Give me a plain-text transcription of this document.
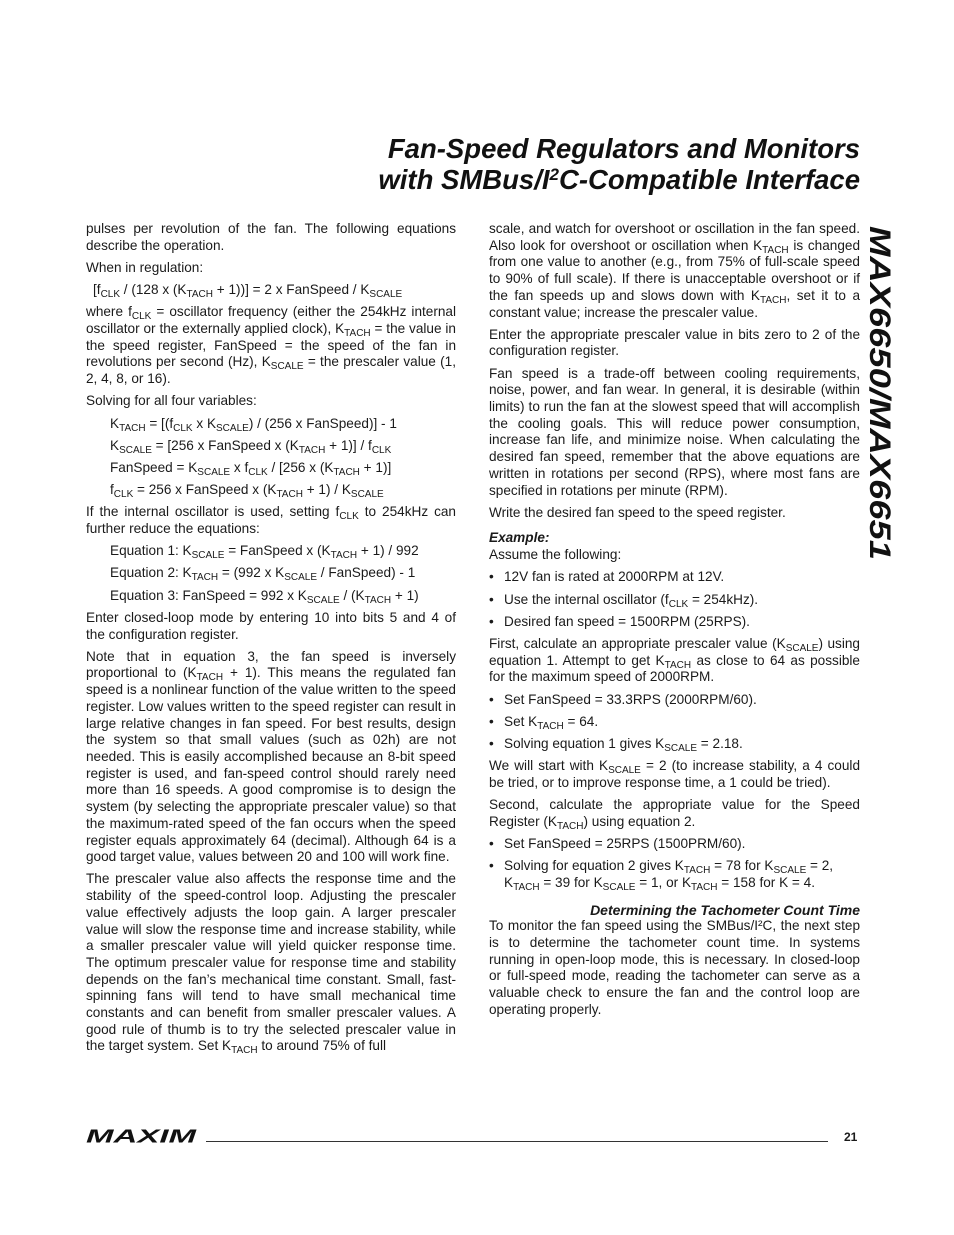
Fan-Speed Regulators and Monitors
with SMBus/$I^2C$-Compatible Interface
MAX6650/MAX6651

pulses per revolution of the fan. The following equations describe the operation.

When in regulation:

[$f_{CLK} / (128$ x $(K_{TACH} + 1))] = 2$ x FanSpeed / $K_{SCALE}$

where $f_{CLK}$ = oscillator frequency (either the 254kHz internal oscillator or the externally applied clock), $K_{TACH}$ = the value in the speed register, FanSpeed = the speed of the fan in revolutions per second (Hz), $K_{SCALE}$ = the prescaler value (1, 2, 4, 8, or 16).

Solving for all four variables:

$K_{TACH} = [(f_{CLK}$ x $K_{SCALE}) / (256$ x FanSpeed)] - 1

$K_{SCALE} = [256$ x FanSpeed x $(K_{TACH} + 1)] / f_{CLK}$

FanSpeed = $K_{SCALE}$ x $f_{CLK} / [256$ x $(K_{TACH} + 1)$]

$f_{CLK} = 256$ x FanSpeed x $(K_{TACH} + 1) / K_{SCALE}$

If the internal oscillator is used, setting $f_{CLK}$ to 254kHz can further reduce the equations:

Equation 1: $K_{SCALE}$ = FanSpeed x $(K_{TACH} + 1) / 992$

Equation 2: $K_{TACH} = (992$ x $K_{SCALE}$ / FanSpeed) - 1

Equation 3: FanSpeed = 992 x $K_{SCALE} / (K_{TACH} + 1)$

Enter closed-loop mode by entering 10 into bits 5 and 4 of the configuration register.

Note that in equation 3, the fan speed is inversely proportional to $(K_{TACH} + 1)$. This means the regulated fan speed is a nonlinear function of the value written to the speed register. Low values written to the speed register can result in large relative changes in fan speed. For best results, design the system so that small values (such as 02h) are not needed. This is easily accomplished because an 8-bit speed register is used, and fan-speed control should rarely need more than 16 speeds. A good compromise is to design the system (by selecting the appropriate prescaler value) so that the maximum-rated speed of the fan occurs when the speed register equals approximately 64 (decimal). Although 64 is a good target value, values between 20 and 100 will work fine.

The prescaler value also affects the response time and the stability of the speed-control loop. Adjusting the prescaler value effectively adjusts the loop gain. A larger prescaler value will slow the response time and increase stability, while a smaller prescaler value will yield quicker response time. The optimum prescaler value for response time and stability depends on the fan’s mechanical time constant. Small, fast-spinning fans will tend to have small mechanical time constants and can benefit from smaller prescaler values. A good rule of thumb is to try the selected prescaler value in the target system. Set $K_{TACH}$ to around 75% of full

scale, and watch for overshoot or oscillation in the fan speed. Also look for overshoot or oscillation when $K_{TACH}$ is changed from one value to another (e.g., from 75% of full-scale speed to 90% of full scale). If there is unacceptable overshoot or if the fan speeds up and slows down with $K_{TACH}$, set it to a constant value; increase the prescaler value.

Enter the appropriate prescaler value in bits zero to 2 of the configuration register.

Fan speed is a trade-off between cooling requirements, noise, power, and fan wear. In general, it is desirable (within limits) to run the fan at the slowest speed that will accomplish the cooling goals. This will reduce power consumption, increase fan life, and minimize noise. When calculating the desired fan speed, remember that the above equations are written in rotations per second (RPS), where most fans are specified in rotations per minute (RPM).

Write the desired fan speed to the speed register.

Example:

Assume the following:

• 12V fan is rated at 2000RPM at 12V.

• Use the internal oscillator $(f_{CLK} = 254kHz)$.

• Desired fan speed = 1500RPM (25RPS).

First, calculate an appropriate prescaler value $(K_{SCALE})$ using equation 1. Attempt to get $K_{TACH}$ as close to 64 as possible for the maximum speed of 2000RPM.

• Set FanSpeed = 33.3RPS (2000RPM/60).

• Set $K_{TACH} = 64$.

• Solving equation 1 gives $K_{SCALE} = 2.18$.

We will start with $K_{SCALE} = 2$ (to increase stability, a 4 could be tried, or to improve response time, a 1 could be tried).

Second, calculate the appropriate value for the Speed Register $(K_{TACH})$ using equation 2.

• Set FanSpeed = 25RPS (1500PRM/60).

• Solving for equation 2 gives $K_{TACH} = 78$ for $K_{SCALE} = 2$, $K_{TACH} = 39$ for $K_{SCALE} = 1$, or $K_{TACH} = 158$ for K = 4.

Determining the Tachometer Count Time

To monitor the fan speed using the SMBus/I²C, the next step is to determine the tachometer count time. In systems running in open-loop mode, this is necessary. In closed-loop or full-speed mode, reading the tachometer can serve as a valuable check to ensure the fan and the control loop are operating properly.

MAXIM	21
